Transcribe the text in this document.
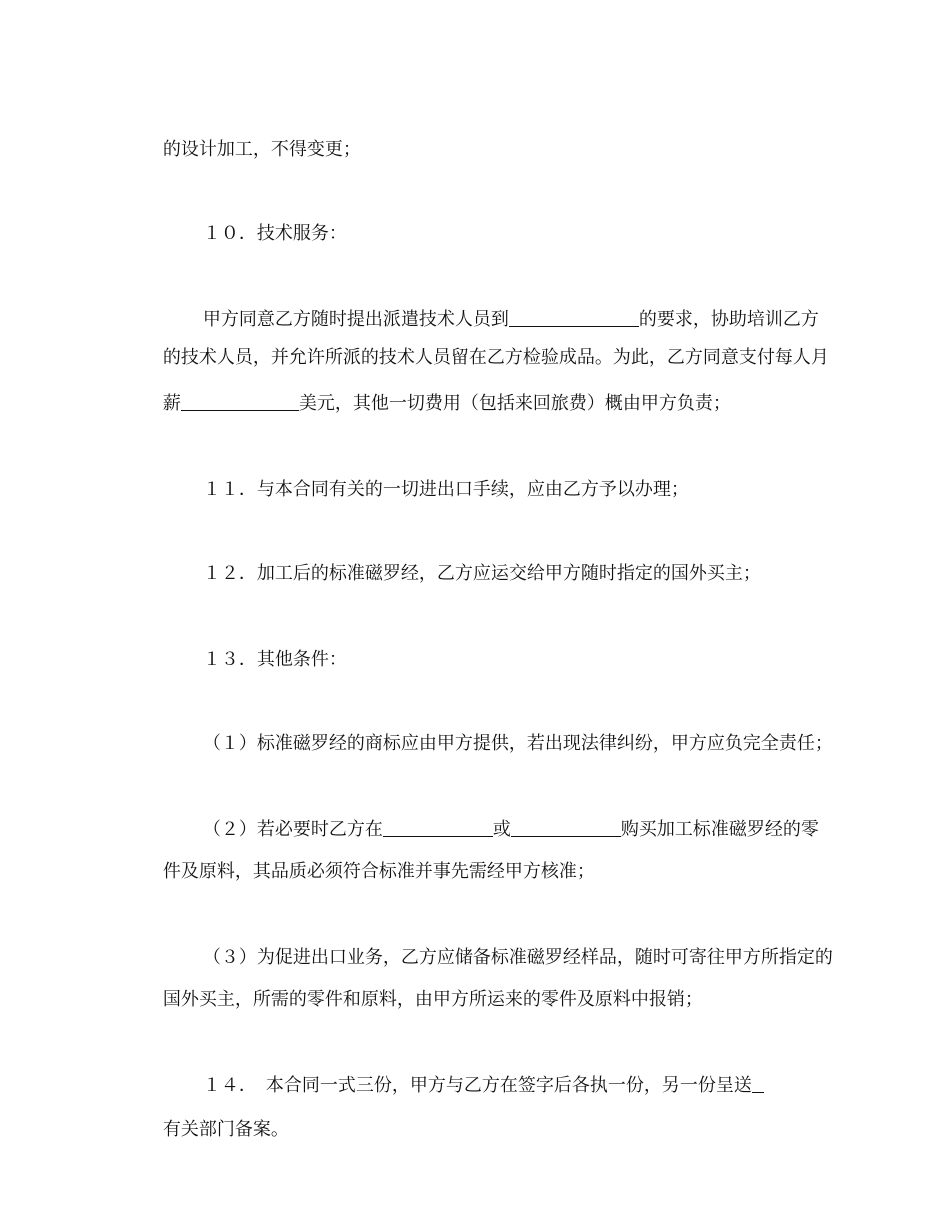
的设计加工，不得变更；

１０．技术服务：

甲方同意乙方随时提出派遣技术人员到	的要求，协助培训乙方

的技术人员，并允许所派的技术人员留在乙方检验成品。为此，乙方同意支付每人月

薪	美元，其他一切费用（包括来回旅费）概由甲方负责；

１１．与本合同有关的一切进出口手续，应由乙方予以办理；

１２．加工后的标准磁罗经，乙方应运交给甲方随时指定的国外买主；

１３．其他条件：

（１）标准磁罗经的商标应由甲方提供，若出现法律纠纷，甲方应负完全责任；

（２）若必要时乙方在	或	购买加工标准磁罗经的零

件及原料，其品质必须符合标准并事先需经甲方核准；

（３）为促进出口业务，乙方应储备标准磁罗经样品，随时可寄往甲方所指定的

国外买主，所需的零件和原料，由甲方所运来的零件及原料中报销；

１４．　本合同一式三份，甲方与乙方在签字后各执一份，另一份呈送

有关部门备案。
